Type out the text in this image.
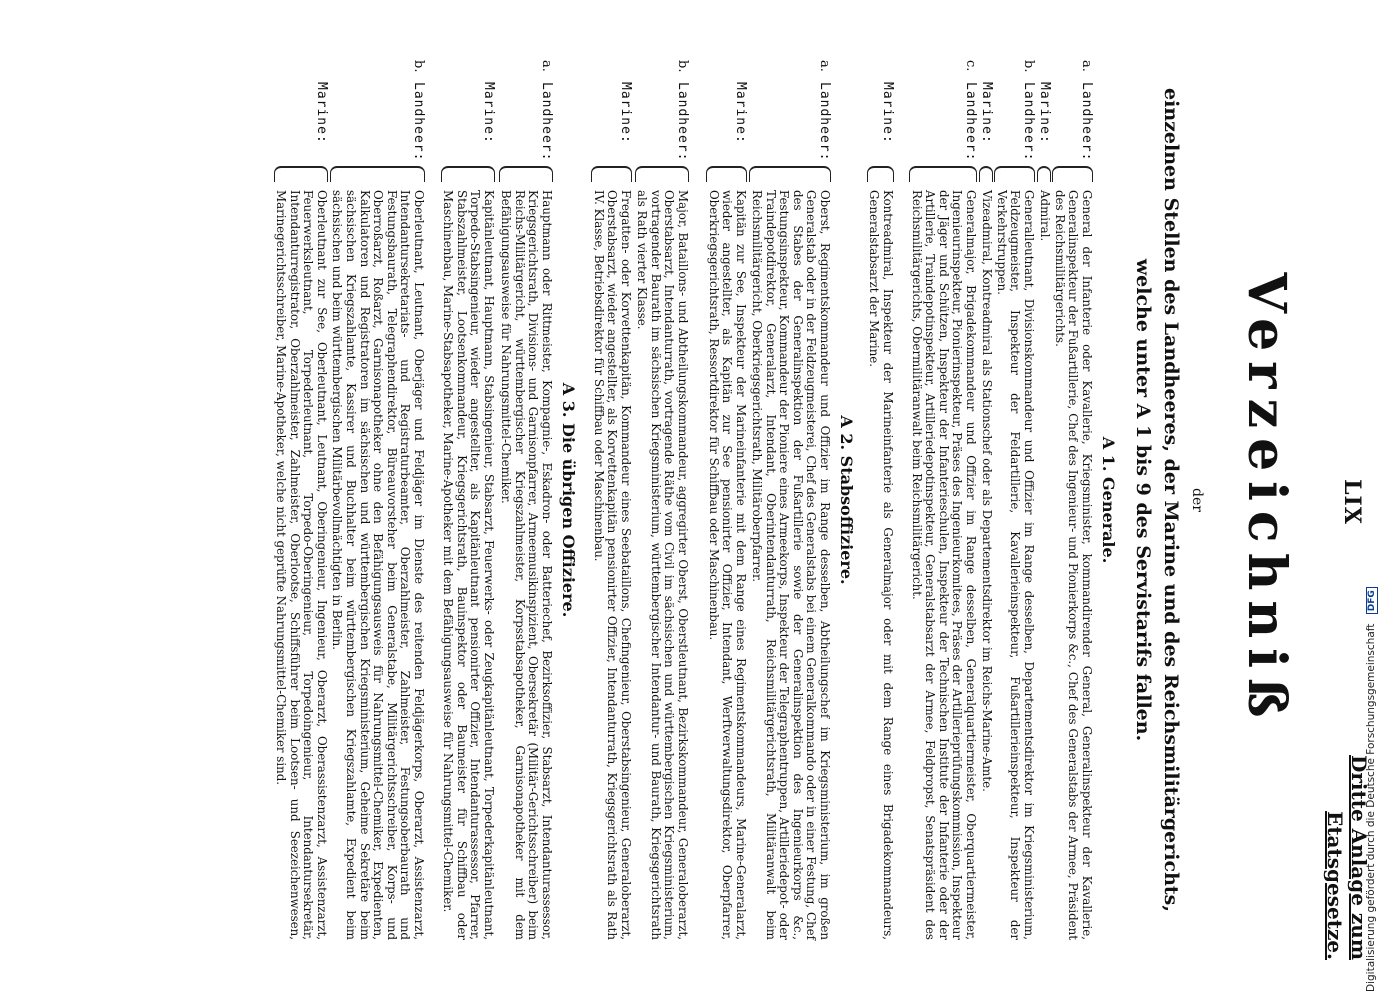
LIX
Dritte Anlage zum Etatsgesetze.
Verzeichniß
der
einzelnen Stellen des Landheeres, der Marine und des Reichsmilitärgerichts, welche unter A 1 bis 9 des Servistarifs fallen.
A 1. Generale.
a.
Landheer:
General der Infanterie oder Kavallerie, Kriegsminister, kommandirender General, Generalinspekteur der Kavallerie, Generalinspekteur der Fußartillerie, Chef des Ingenieur- und Pionierkorps &c., Chef des Generalstabs der Armee, Präsident des Reichsmilitärgerichts.
Marine:
Admiral.
b.
Landheer:
Generalleutnant, Divisionskommandeur und Offizier im Range desselben, Departementsdirektor im Kriegsministerium, Feldzeugmeister, Inspekteur der Feldartillerie, Kavallerieinspekteur, Fußartillerieinspekteur, Inspekteur der Verkehrstruppen.
Marine:
Vizeadmiral, Kontreadmiral als Stationschef oder als Departementsdirektor im Reichs-Marine-Amte.
c.
Landheer:
Generalmajor, Brigadekommandeur und Offizier im Range desselben, Generalquartiermeister, Oberquartiermeister, Ingenieurinspekteur, Pionierinspekteur, Präses des Ingenieurkomitees, Präses der Artillerieprüfungskommission, Inspekteur der Jäger und Schützen, Inspekteur der Infanterieschulen, Inspekteur der Technischen Institute der Infanterie oder der Artillerie, Traindepotinspekteur, Artilleriedepotinspekteur, Generalstabsarzt der Armee, Feldpropst, Senatspräsident des Reichsmilitärgerichts, Obermilitäranwalt beim Reichsmilitärgericht.
Marine:
Kontreadmiral, Inspekteur der Marineinfanterie als Generalmajor oder mit dem Range eines Brigadekommandeurs, Generalstabsarzt der Marine.
A 2. Stabsoffiziere.
a.
Landheer:
Oberst, Regimentskommandeur und Offizier im Range desselben, Abtheilungschef im Kriegsministerium, im großen Generalstab oder in der Feldzeugmeisterei, Chef des Generalstabs bei einem Generalkommando oder in einer Festung, Chef des Stabes der Generalinspektion der Fußartillerie sowie der Generalinspektion des Ingenieurkorps &c., Festungsinspekteur, Kommandeur der Pioniere eines Armeekorps, Inspekteur der Telegraphentruppen, Artilleriedepot- oder Traindepotdirektor, Generalarzt, Intendant, Oberintendanturrath, Reichsmilitärgerichtsrath, Militäranwalt beim Reichsmilitärgericht, Oberkriegsgerichtsrath, Militäroberpfarrer.
Marine:
Kapitän zur See, Inspekteur der Marineinfanterie mit dem Range eines Regimentskommandeurs, Marine-Generalarzt, wieder angestellter, als Kapitän zur See pensionirter Offizier, Intendant, Werftverwaltungsdirektor, Oberpfarrer, Oberkriegsgerichtsrath, Ressortdirektor für Schiffbau oder Maschinenbau.
b.
Landheer:
Major, Bataillons- und Abtheilungskommandeur, aggregirter Oberst, Oberstleutnant, Bezirkskommandeur, Generaloberarzt, Oberstabsarzt, Intendanturrath, vortragende Räthe vom Civil im sächsischen und württembergischen Kriegsministerium, vortragender Baurath im sächsischen Kriegsministerium, württembergischer Intendantur- und Baurath, Kriegsgerichtsrath als Rath vierter Klasse.
Marine:
Fregatten- oder Korvettenkapitän, Kommandeur eines Seebataillons, Chefingenieur, Oberstabsingenieur, Generaloberarzt, Oberstabsarzt, wieder angestellter, als Korvettenkapitän pensionirter Offizier, Intendanturrath, Kriegsgerichtsrath als Rath IV. Klasse, Betriebsdirektor für Schiffbau oder Maschinenbau.
A 3. Die übrigen Offiziere.
a.
Landheer:
Hauptmann oder Rittmeister, Kompagnie-, Eskadron- oder Batteriechef, Bezirksoffizier, Stabsarzt, Intendanturassessor, Kriegsgerichtsrath, Divisions- und Garnisonpfarrer, Armeemusikinspizient, Obersekretär (Militär-Gerichtsschreiber) beim Reichs-Militärgericht, württembergischer Kriegszahlmeister, Korpsstabsapotheker, Garnisonapotheker mit dem Befähigungsausweise für Nahrungsmittel-Chemiker.
Marine:
Kapitänleutnant, Hauptmann, Stabsingenieur, Stabsarzt, Feuerwerks- oder Zeugkapitänleutnant, Torpederkapitänleutnant, Torpedo-Stabsingenieur, wieder angestellter, als Kapitänleutnant pensionirter Offizier, Intendanturassessor, Pfarrer, Stabszahlmeister, Lootsenkommandeur, Kriegsgerichtsrath, Bauinspektor oder Baumeister für Schiffbau oder Maschinenbau, Marine-Stabsapotheker, Marine-Apotheker mit dem Befähigungsausweise für Nahrungsmittel-Chemiker.
b.
Landheer:
Oberleutnant, Leutnant, Oberjäger und Feldjäger im Dienste des reitenden Feldjägerkorps, Oberarzt, Assistenzarzt, Intendantursekretariats- und Registraturbeamter, Oberzahlmeister, Zahlmeister, Festungsoberbaurath und Festungsbaurath, Telegraphendirektor, Büreauvorsteher beim Generalstabe, Militärgerichtsschreiber, Korps- und Oberroßarzt, Roßarzt, Garnisonapotheker ohne den Befähigungsausweis für Nahrungsmittel-Chemiker, Expedienten, Kalkulatoren und Registratoren im sächsischen und württembergischen Kriegsministerium, Geheime Sekretäre beim sächsischen Kriegszahlamte, Kassirer und Buchhalter beim württembergischen Kriegszahlamte, Expedient beim sächsischen und beim württembergischen Militärbevollmächtigten in Berlin.
Marine:
Oberleutnant zur See, Oberleutnant, Leutnant, Oberingenieur, Ingenieur, Oberarzt, Oberassistenzarzt, Assistenzarzt, Feuerwerksleutnant, Torpederleutnant, Torpedo-Oberingenieur, Torpedoingenieur, Intendantursekretär, Intendanturregistrator, Oberzahlmeister, Zahlmeister, Oberlootse, Schiffsführer beim Lootsen- und Seezeichenwesen, Marinegerichtsschreiber, Marine-Apotheker, welche nicht geprüfte Nahrungsmittel-Chemiker sind.
Digitalisierung gefördert durch die Deutsche Forschungsgemeinschaft DFG
